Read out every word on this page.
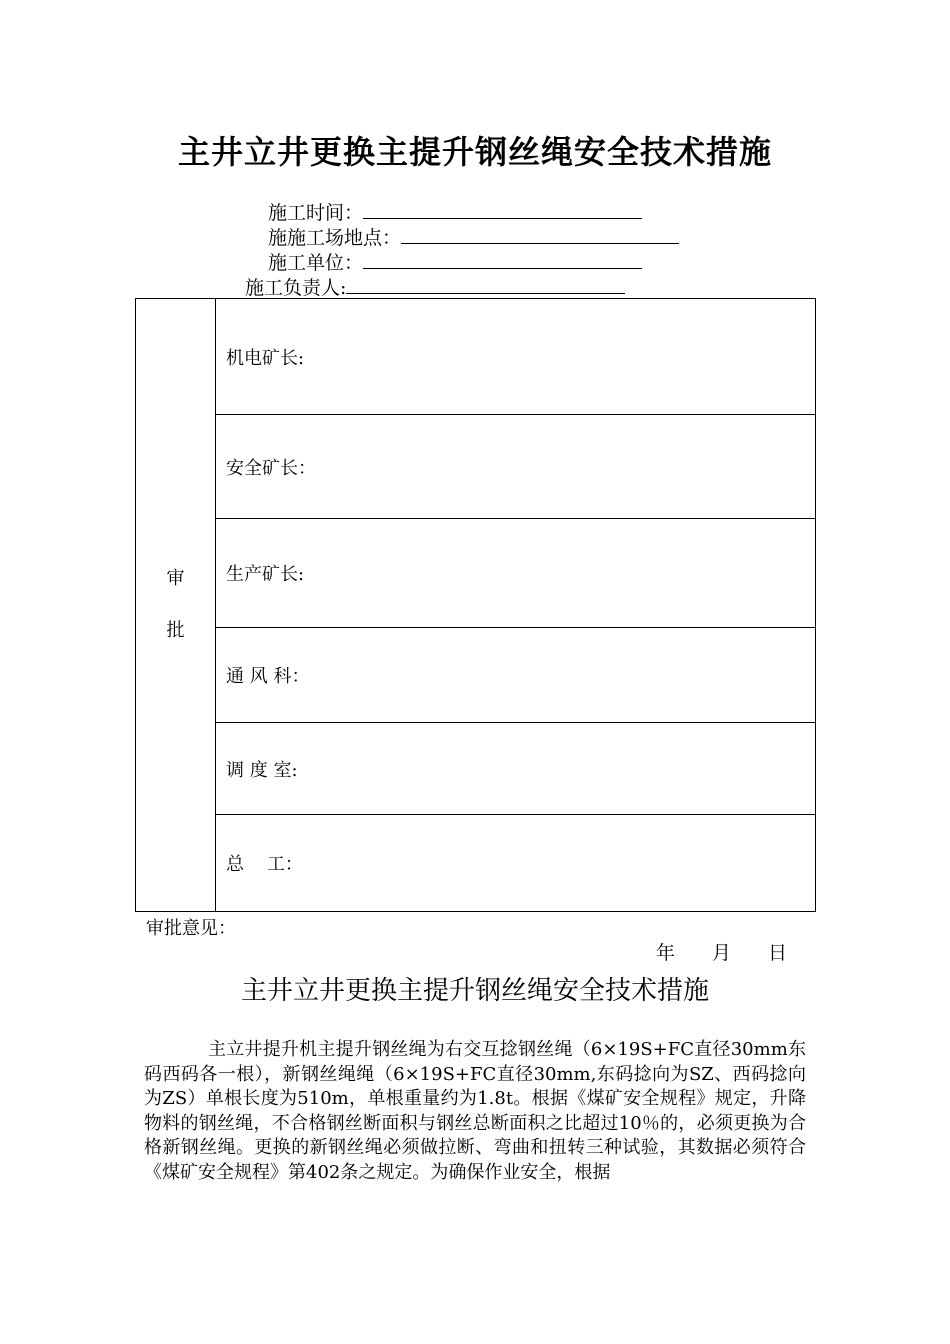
主井立井更换主提升钢丝绳安全技术措施
施工时间：
施施工场地点：
施工单位：
施工负责人:
审
批
	机电矿长:
安全矿长：
生产矿长:
通 风 科：
调 度 室:
总    工：
审批意见：
年 月 日
主井立井更换主提升钢丝绳安全技术措施
主立井提升机主提升钢丝绳为右交互捻钢丝绳（6×19S+FC直径30mm东码西码各一根），新钢丝绳绳（6×19S+FC直径30mm,东码捻向为SZ、西码捻向为ZS）单根长度为510m，单根重量约为1.8t。根据《煤矿安全规程》规定，升降物料的钢丝绳，不合格钢丝断面积与钢丝总断面积之比超过10％的，必须更换为合格新钢丝绳。更换的新钢丝绳必须做拉断、弯曲和扭转三种试验，其数据必须符合《煤矿安全规程》第402条之规定。为确保作业安全，根据
